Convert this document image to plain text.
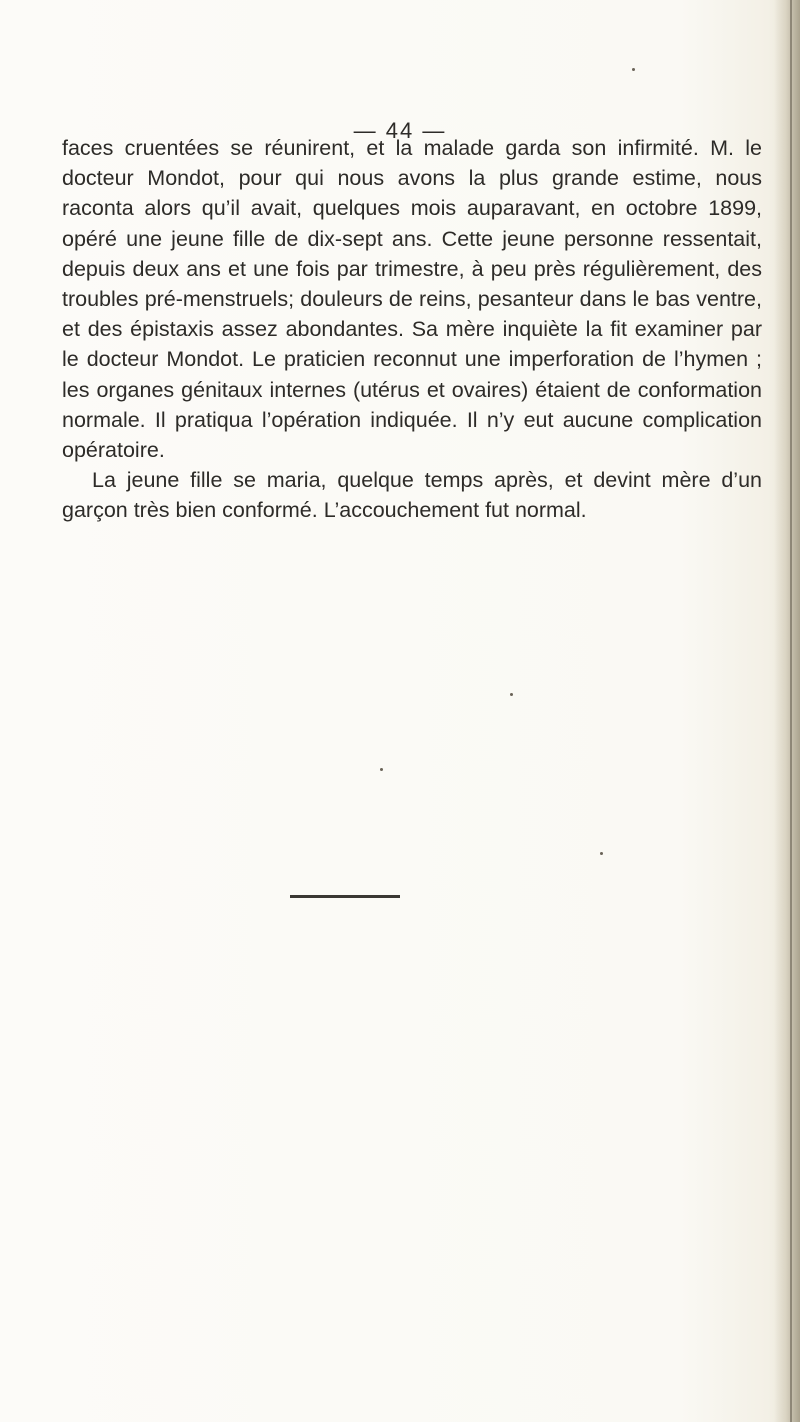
— 44 —

faces cruentées se réunirent, et la malade garda son infirmité. M. le docteur Mondot, pour qui nous avons la plus grande estime, nous raconta alors qu’il avait, quelques mois auparavant, en octobre 1899, opéré une jeune fille de dix-sept ans. Cette jeune personne ressentait, depuis deux ans et une fois par trimestre, à peu près régulièrement, des troubles pré-menstruels; douleurs de reins, pesanteur dans le bas ventre, et des épistaxis assez abondantes. Sa mère inquiète la fit examiner par le docteur Mondot. Le praticien reconnut une imperforation de l’hymen ; les organes génitaux internes (utérus et ovaires) étaient de conformation normale. Il pratiqua l’opération indiquée. Il n’y eut aucune complication opératoire.

La jeune fille se maria, quelque temps après, et devint mère d’un garçon très bien conformé. L’accouchement fut normal.
